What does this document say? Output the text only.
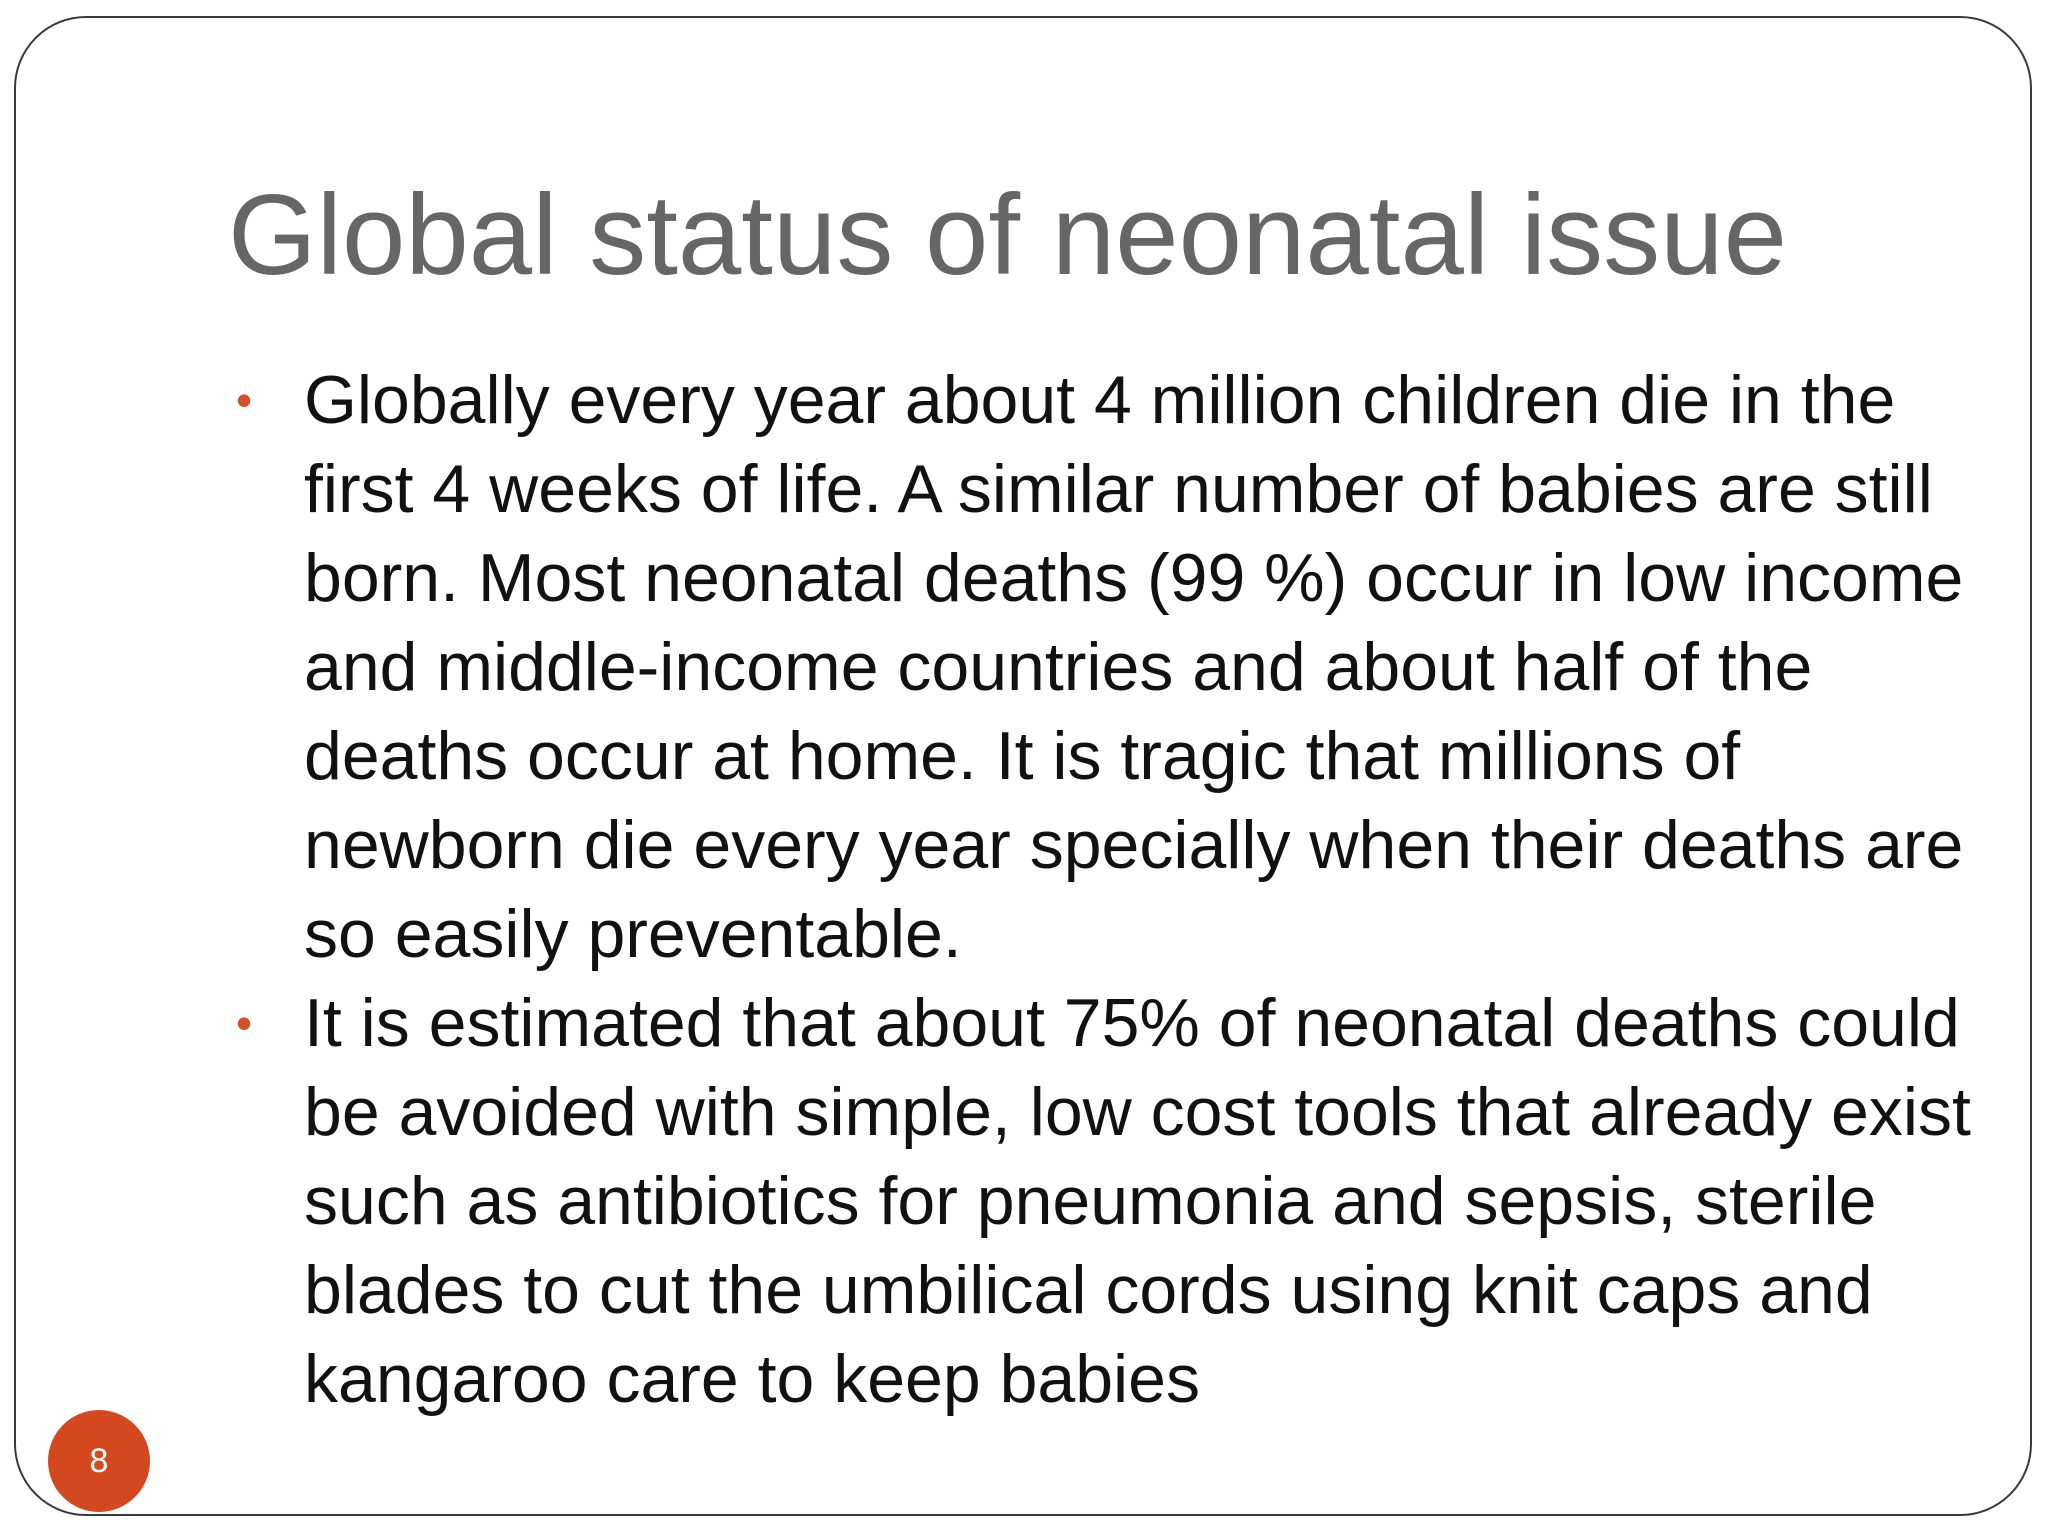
Global status of neonatal issue
• Globally every year about 4 million children die in the first 4 weeks of life. A similar number of babies are still born. Most neonatal deaths (99 %) occur in low income and middle-income countries and about half of the deaths occur at home. It is tragic that millions of newborn die every year specially when their deaths are so easily preventable.
• It is estimated that about 75% of neonatal deaths could be avoided with simple, low cost tools that already exist such as antibiotics for pneumonia and sepsis, sterile blades to cut the umbilical cords using knit caps and kangaroo care to keep babies
8
